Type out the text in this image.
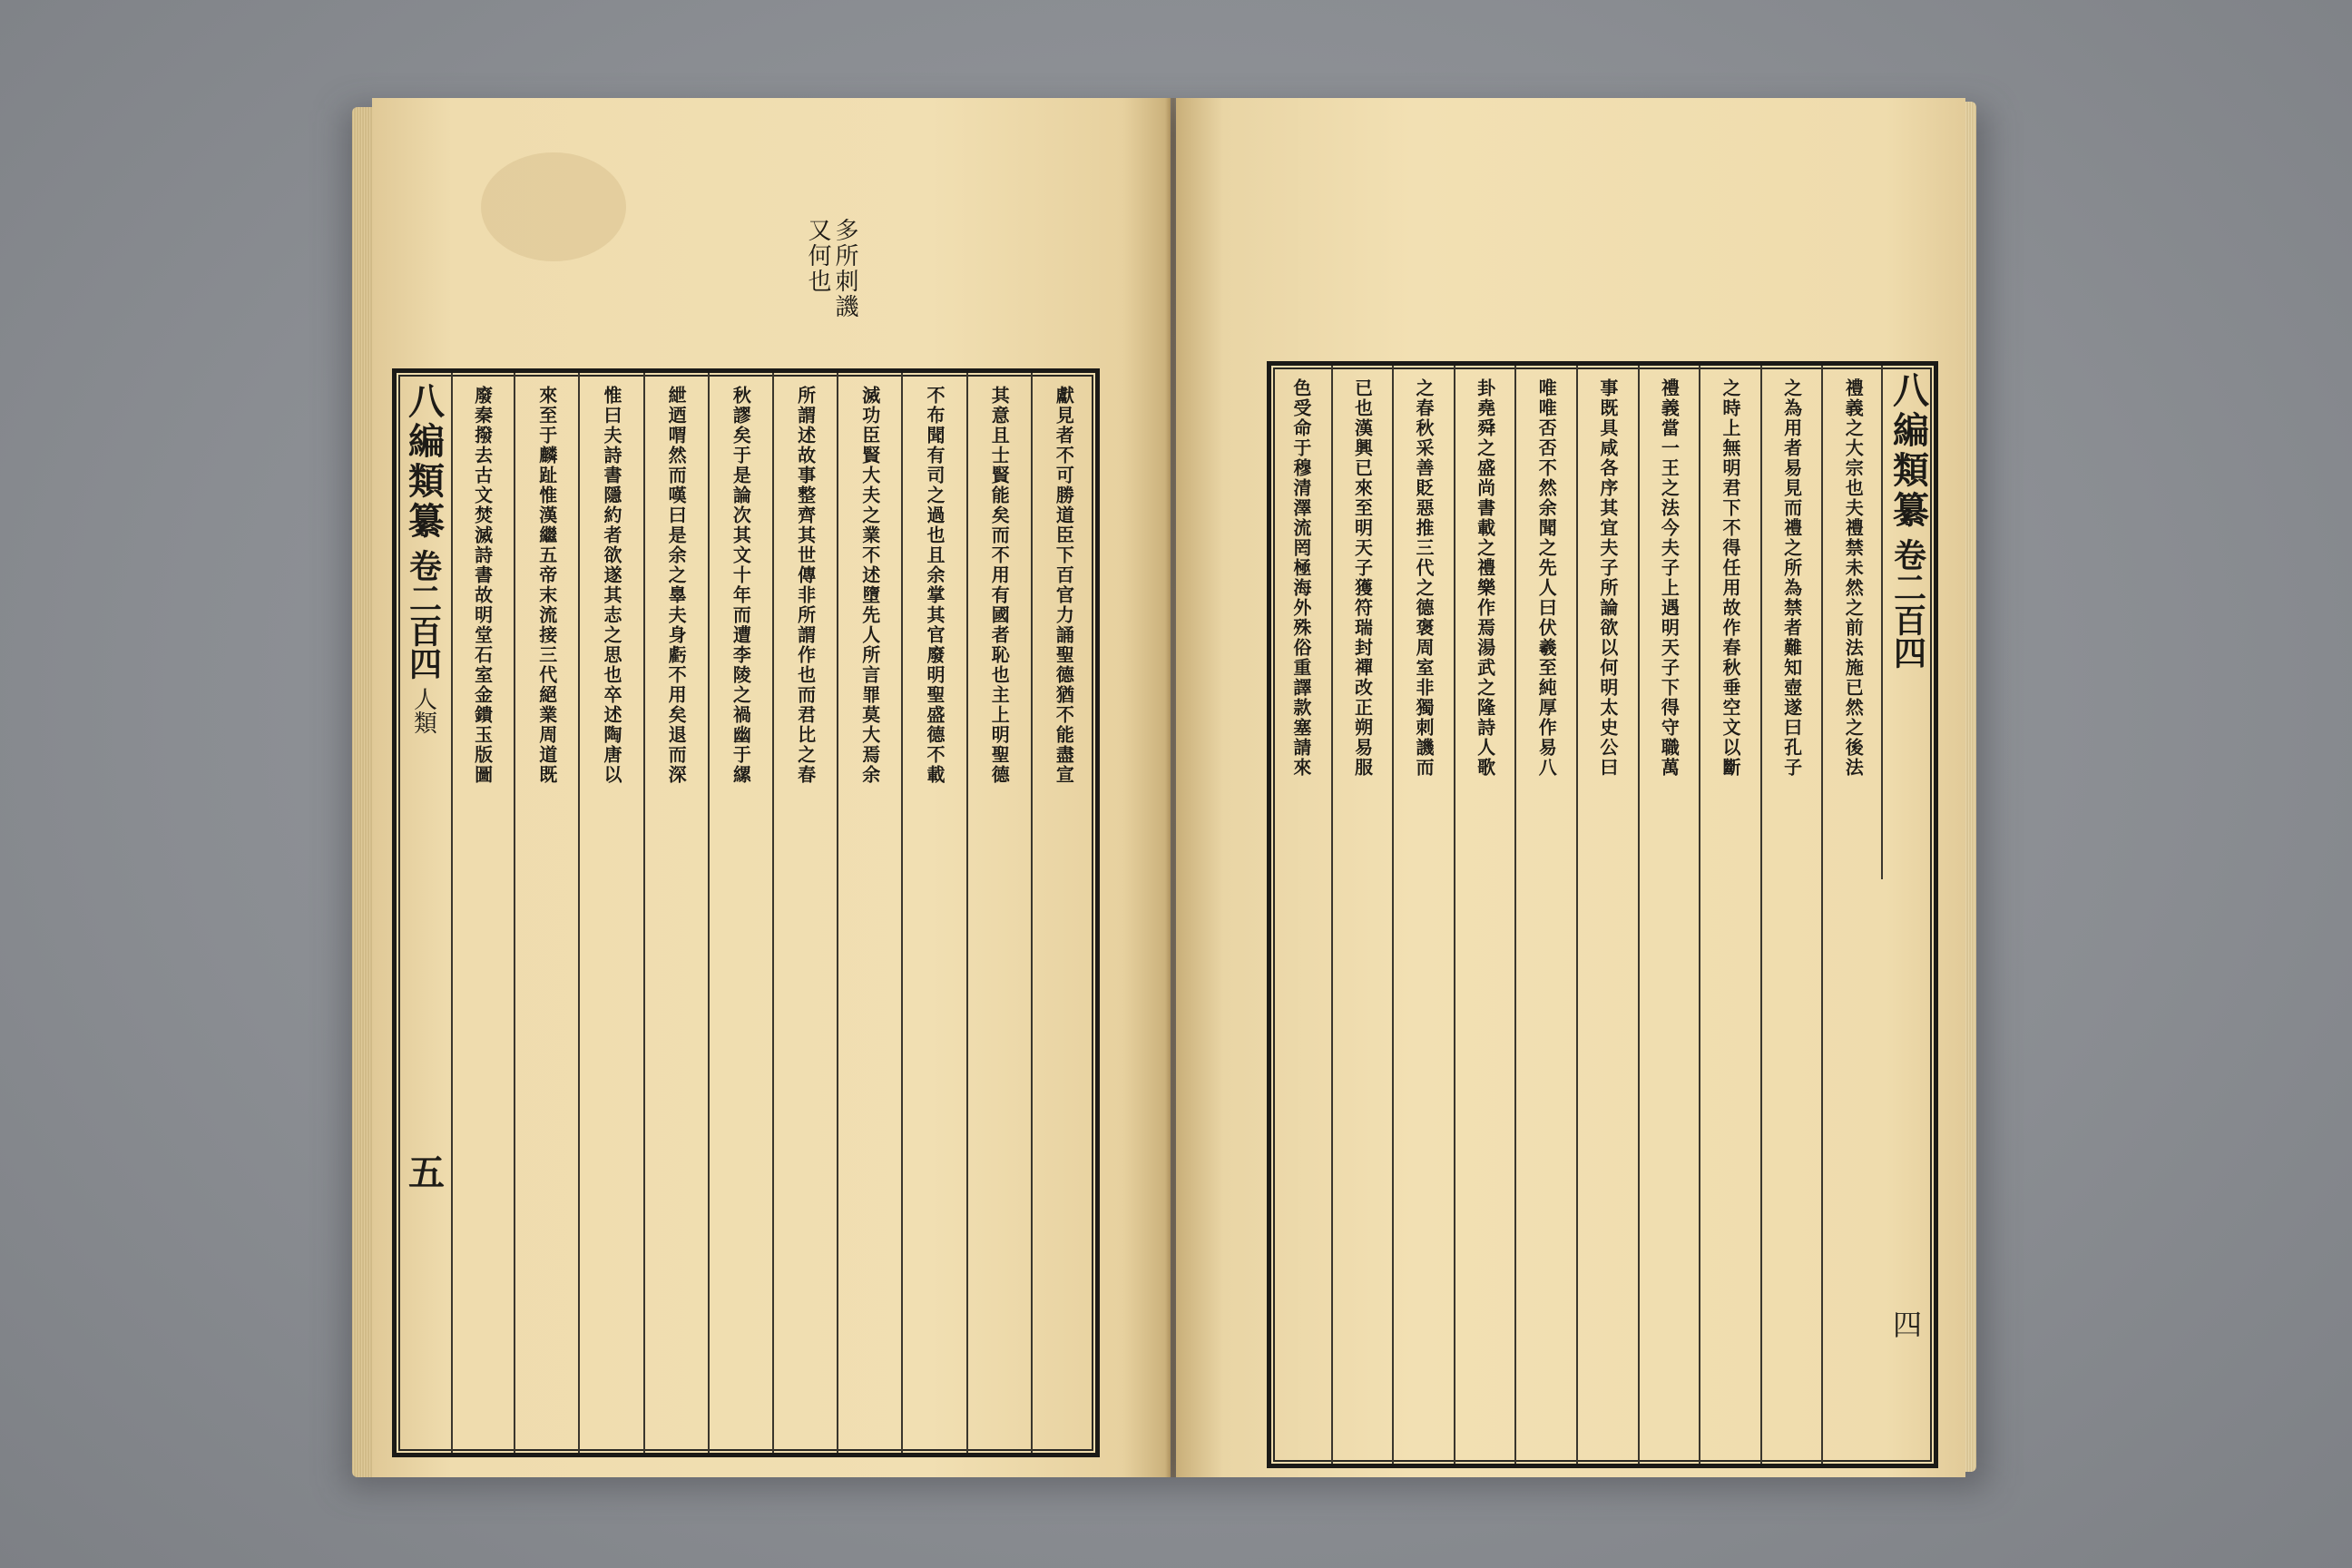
八編類纂
卷二百四
人類
五
獻見者不可勝道臣下百官力誦聖德猶不能盡宣
其意且士賢能矣而不用有國者恥也主上明聖德
不布聞有司之過也且余掌其官廢明聖盛德不載
滅功臣賢大夫之業不述墮先人所言罪莫大焉余
所謂述故事整齊其世傳非所謂作也而君比之春
秋謬矣于是論次其文十年而遭李陵之禍幽于縲
紲迺喟然而嘆曰是余之辠夫身虧不用矣退而深
惟曰夫詩書隱約者欲遂其志之思也卒述陶唐以
來至于麟趾惟漢繼五帝末流接三代絕業周道既
廢秦撥去古文焚滅詩書故明堂石室金鐀玉版圖
多所刺譏
又何也
八編類纂
卷二百四
四
禮義之大宗也夫禮禁未然之前法施已然之後法
之為用者易見而禮之所為禁者難知壺遂曰孔子
之時上無明君下不得任用故作春秋垂空文以斷
禮義當一王之法今夫子上遇明天子下得守職萬
事既具咸各序其宜夫子所論欲以何明太史公曰
唯唯否否不然余聞之先人曰伏羲至純厚作易八
卦堯舜之盛尚書載之禮樂作焉湯武之隆詩人歌
之春秋采善貶惡推三代之德褒周室非獨刺譏而
已也漢興已來至明天子獲符瑞封禪改正朔易服
色受命于穆清澤流罔極海外殊俗重譯款塞請來
